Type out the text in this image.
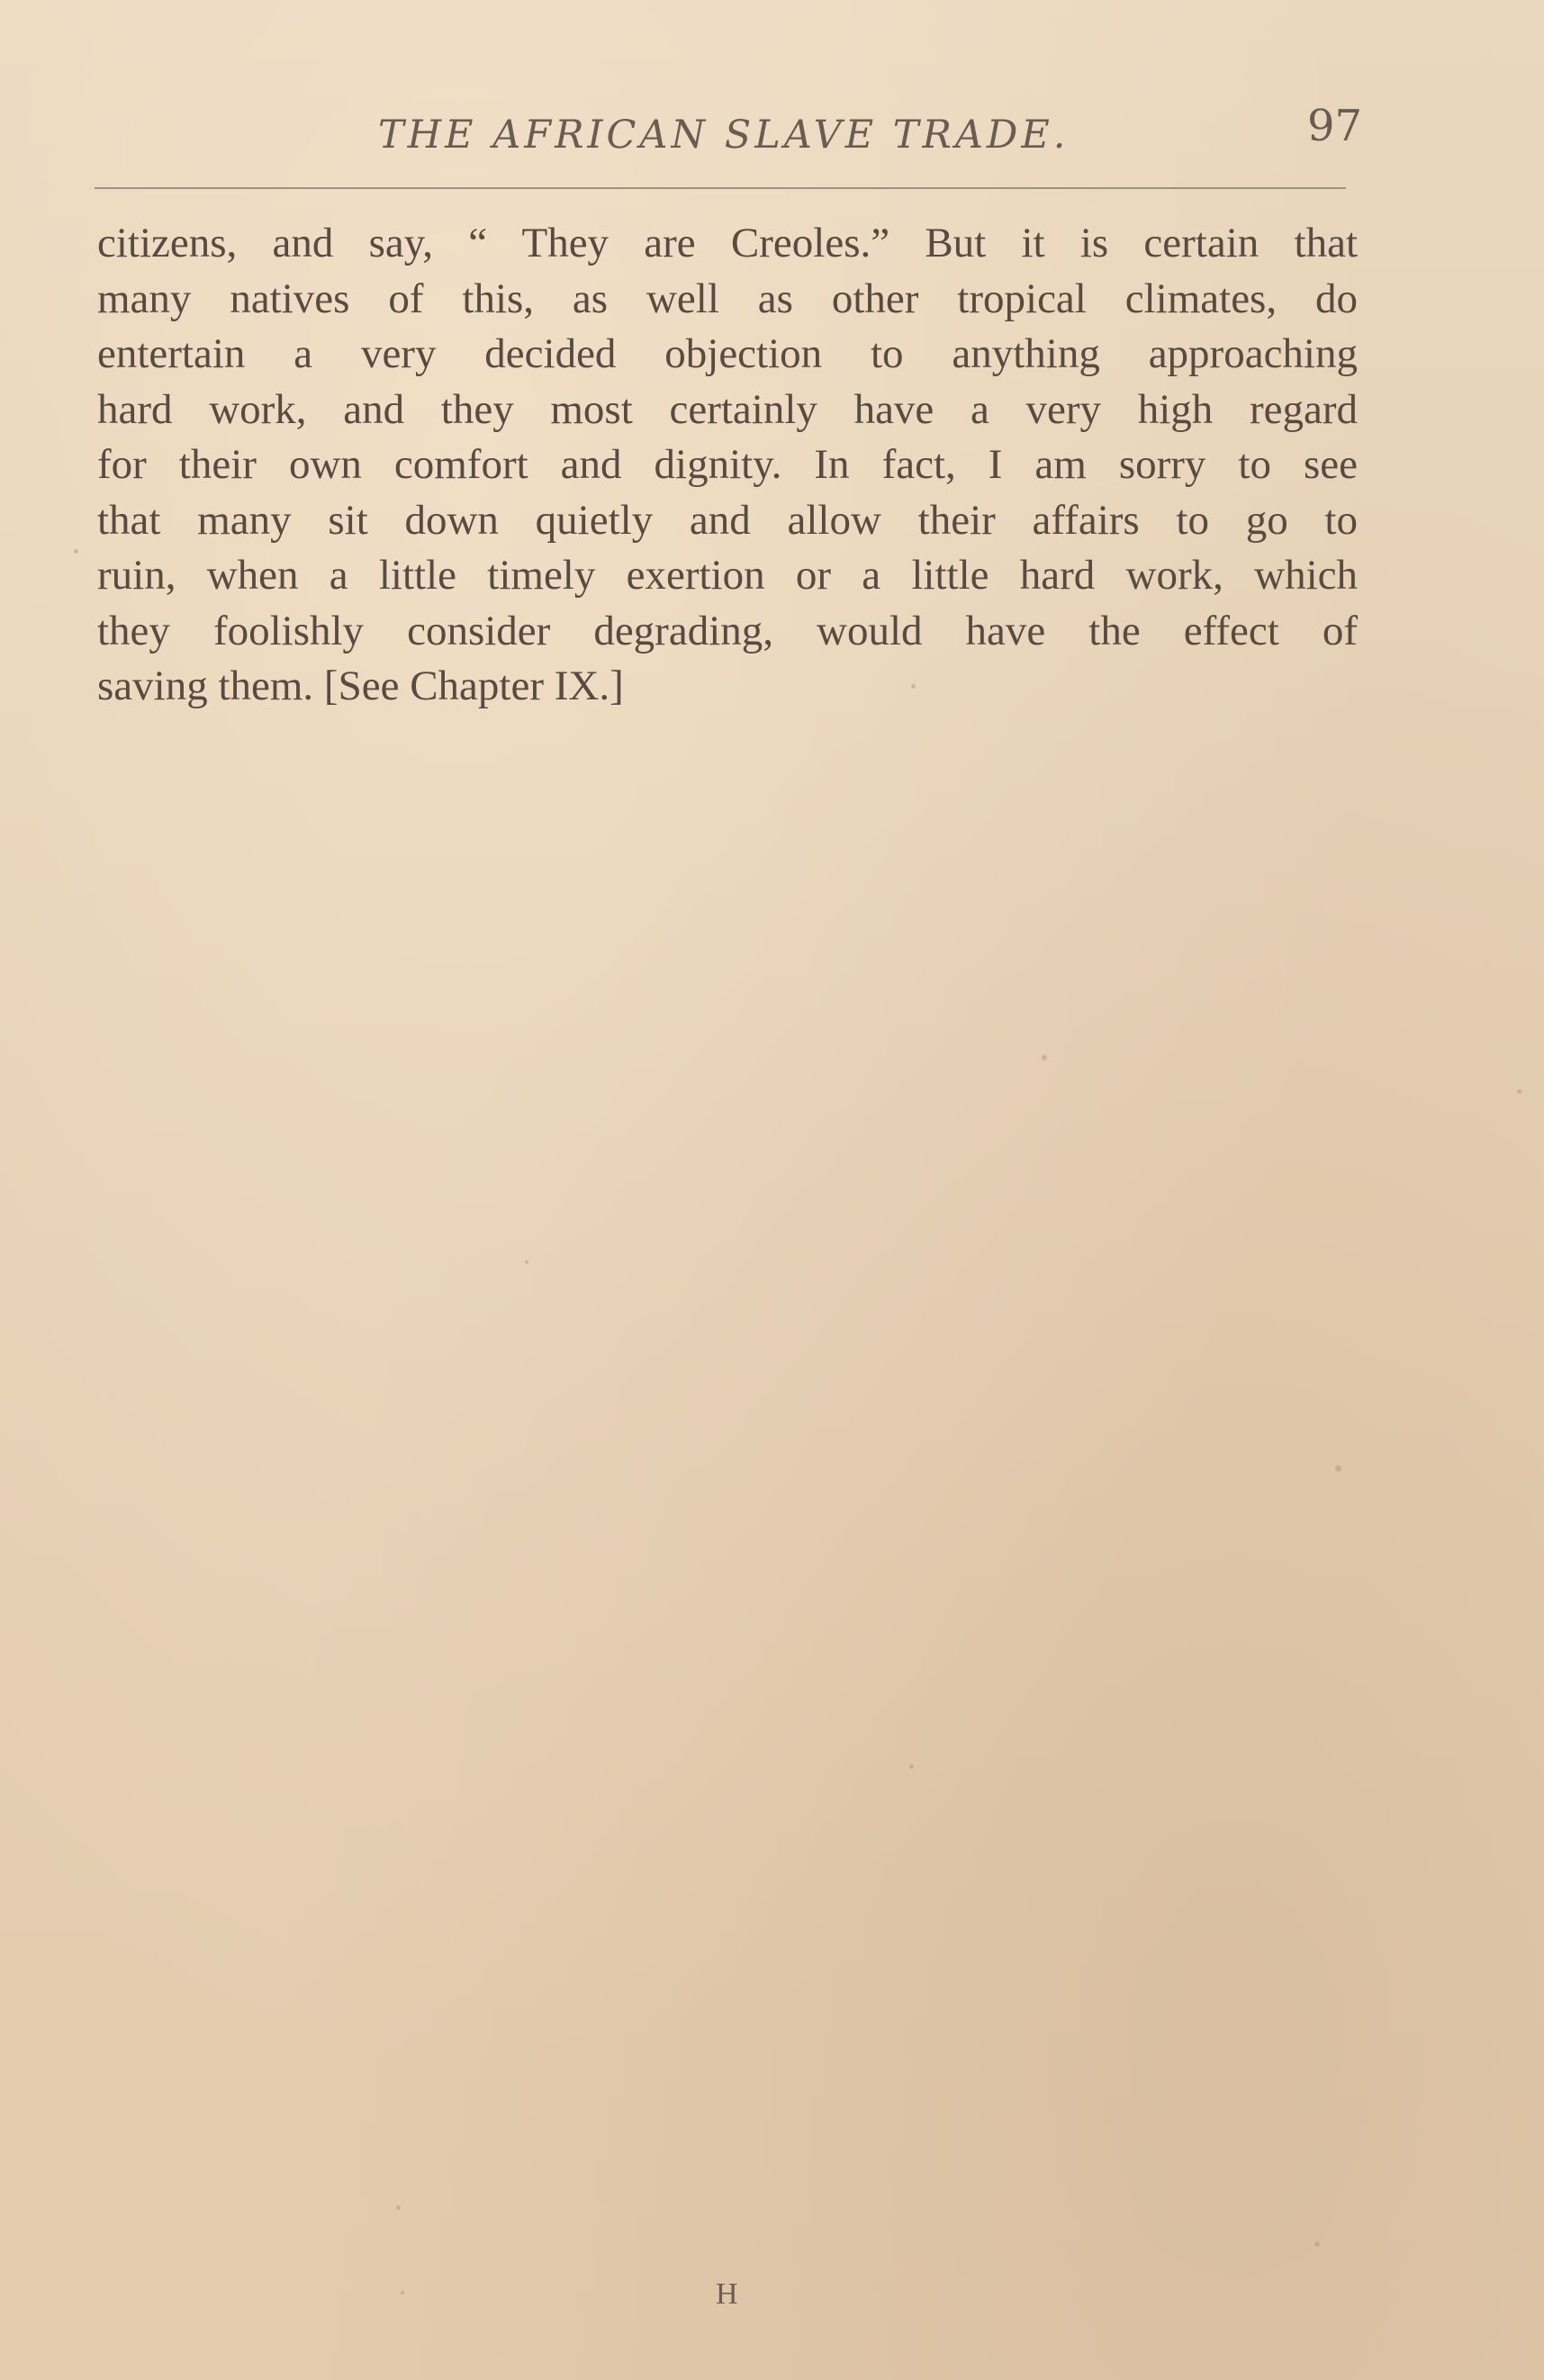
THE AFRICAN SLAVE TRADE.	97
citizens, and say, “ They are Creoles.” But it is certain that
many natives of this, as well as other tropical climates, do
entertain a very decided objection to anything approaching
hard work, and they most certainly have a very high regard
for their own comfort and dignity. In fact, I am sorry to see
that many sit down quietly and allow their affairs to go to
ruin, when a little timely exertion or a little hard work, which
they foolishly consider degrading, would have the effect of
saving them. [See Chapter IX.]
H
